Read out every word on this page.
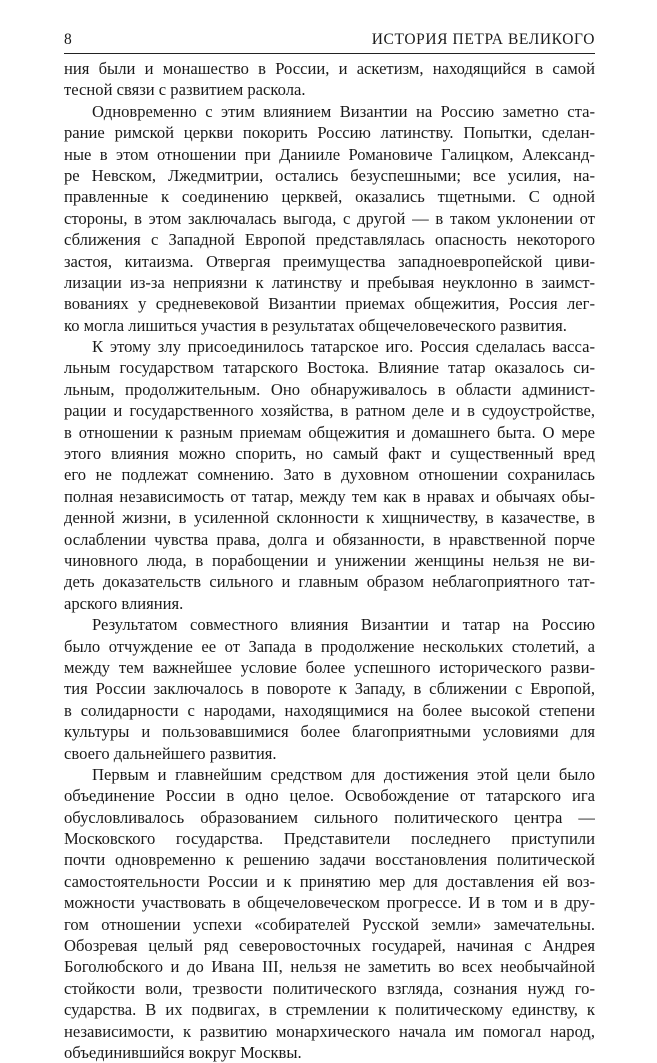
8	ИСТОРИЯ ПЕТРА ВЕЛИКОГО
ния были и монашество в России, и аскетизм, находящийся в самой
тесной связи с развитием раскола.
Одновременно с этим влиянием Византии на Россию заметно ста-
рание римской церкви покорить Россию латинству. Попытки, сделан-
ные в этом отношении при Данииле Романовиче Галицком, Александ-
ре Невском, Лжедмитрии, остались безуспешными; все усилия, на-
правленные к соединению церквей, оказались тщетными. С одной
стороны, в этом заключалась выгода, с другой — в таком уклонении от
сближения с Западной Европой представлялась опасность некоторого
застоя, китаизма. Отвергая преимущества западноевропейской циви-
лизации из-за неприязни к латинству и пребывая неуклонно в заимст-
вованиях у средневековой Византии приемах общежития, Россия лег-
ко могла лишиться участия в результатах общечеловеческого развития.
К этому злу присоединилось татарское иго. Россия сделалась васса-
льным государством татарского Востока. Влияние татар оказалось си-
льным, продолжительным. Оно обнаруживалось в области админист-
рации и государственного хозяйства, в ратном деле и в судоустройстве,
в отношении к разным приемам общежития и домашнего быта. О мере
этого влияния можно спорить, но самый факт и существенный вред
его не подлежат сомнению. Зато в духовном отношении сохранилась
полная независимость от татар, между тем как в нравах и обычаях обы-
денной жизни, в усиленной склонности к хищничеству, в казачестве, в
ослаблении чувства права, долга и обязанности, в нравственной порче
чиновного люда, в порабощении и унижении женщины нельзя не ви-
деть доказательств сильного и главным образом неблагоприятного тат-
арского влияния.
Результатом совместного влияния Византии и татар на Россию
было отчуждение ее от Запада в продолжение нескольких столетий, а
между тем важнейшее условие более успешного исторического разви-
тия России заключалось в повороте к Западу, в сближении с Европой,
в солидарности с народами, находящимися на более высокой степени
культуры и пользовавшимися более благоприятными условиями для
своего дальнейшего развития.
Первым и главнейшим средством для достижения этой цели было
объединение России в одно целое. Освобождение от татарского ига
обусловливалось образованием сильного политического центра —
Московского государства. Представители последнего приступили
почти одновременно к решению задачи восстановления политической
самостоятельности России и к принятию мер для доставления ей воз-
можности участвовать в общечеловеческом прогрессе. И в том и в дру-
гом отношении успехи «собирателей Русской земли» замечательны.
Обозревая целый ряд северовосточных государей, начиная с Андрея
Боголюбского и до Ивана III, нельзя не заметить во всех необычайной
стойкости воли, трезвости политического взгляда, сознания нужд го-
сударства. В их подвигах, в стремлении к политическому единству, к
независимости, к развитию монархического начала им помогал народ,
объединившийся вокруг Москвы.
